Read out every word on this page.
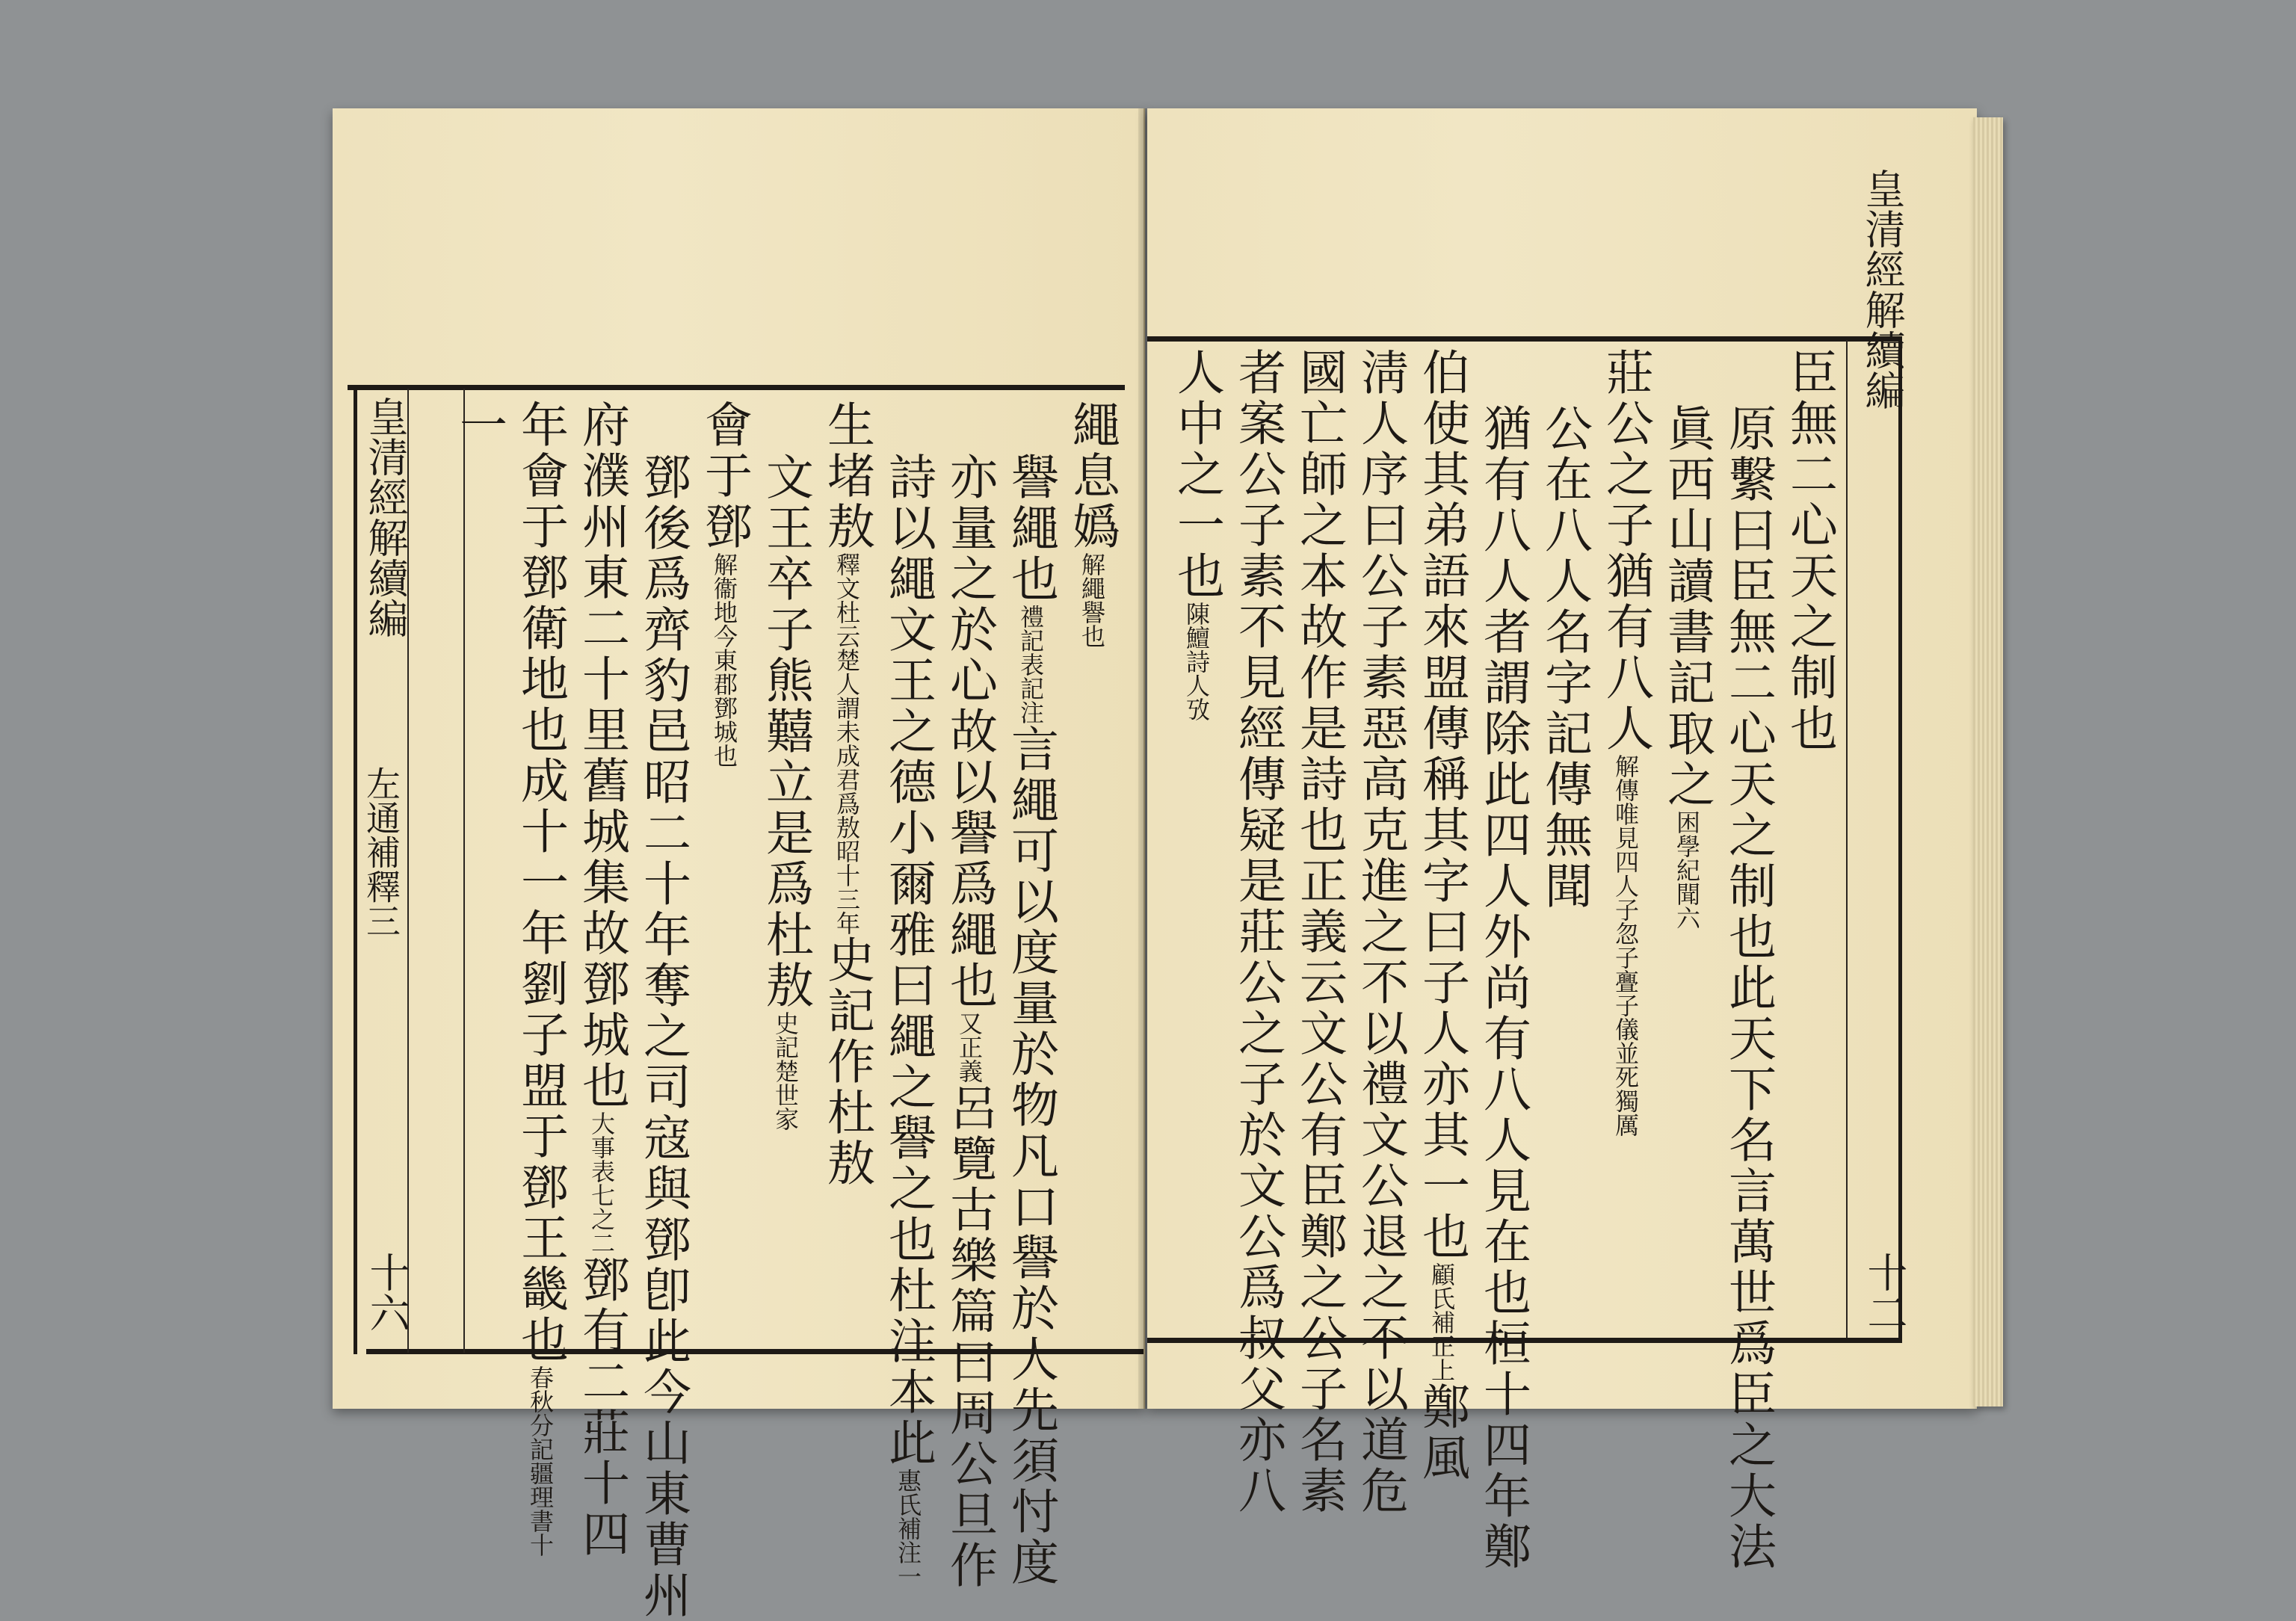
皇清經解續編
左通補釋三
十六
繩息嬀解繩譽也
譽繩也禮記表記注言繩可以度量於物凡口譽於人先須忖度
亦量之於心故以譽爲繩也又正義呂覽古樂篇曰周公旦作
詩以繩文王之德小爾雅曰繩之譽之也杜注本此惠氏補注一
生堵敖釋文杜云楚人謂未成君爲敖昭十三年史記作杜敖
文王卒子熊囏立是爲杜敖史記楚世家
會于鄧解衞地今東郡鄧城也
鄧後爲齊豹邑昭二十年奪之司寇與鄧卽此今山東曹州
府濮州東二十里舊城集故鄧城也大事表七之二鄧有二莊十四
年會于鄧衛地也成十一年劉子盟于鄧王畿也春秋分記疆理書十
一
皇清經解續編
十二
臣無二心天之制也
原繫曰臣無二心天之制也此天下名言萬世爲臣之大法
眞西山讀書記取之困學紀聞六
莊公之子猶有八人解傳唯見四人子忽子亹子儀並死獨厲
公在八人名字記傳無聞
猶有八人者謂除此四人外尚有八人見在也桓十四年鄭
伯使其弟語來盟傳稱其字曰子人亦其一也顧氏補正上鄭風
淸人序曰公子素惡高克進之不以禮文公退之不以道危
國亡師之本故作是詩也正義云文公有臣鄭之公子名素
者案公子素不見經傳疑是莊公之子於文公爲叔父亦八
人中之一也陳鱣詩人攷
